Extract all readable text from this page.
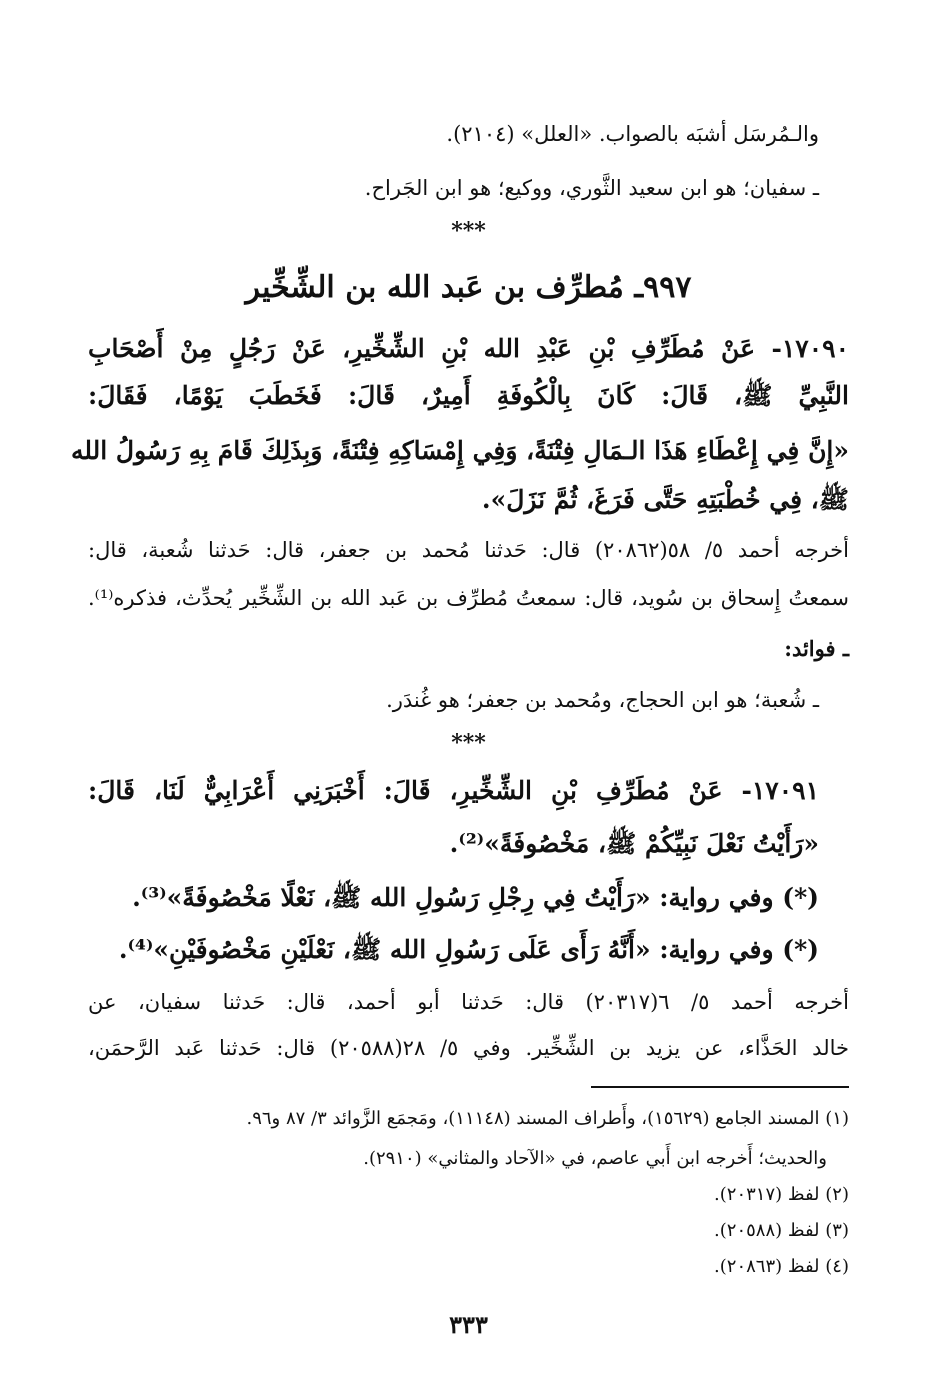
والـمُرسَل أشبَه بالصواب. «العلل» (٢١٠٤).
ـ سفيان؛ هو ابن سعيد الثَّوري، ووكيع؛ هو ابن الجَراح.
***
٩٩٧ـ مُطرِّف بن عَبد الله بن الشِّخِّير
١٧٠٩٠- عَنْ مُطَرِّفِ بْنِ عَبْدِ الله بْنِ الشِّخِّيرِ، عَنْ رَجُلٍ مِنْ أَصْحَابِ
النَّبِيِّ ﷺ، قَالَ: كَانَ بِالْكُوفَةِ أَمِيرٌ، قَالَ: فَخَطَبَ يَوْمًا، فَقَالَ:
«إِنَّ فِي إِعْطَاءِ هَذَا الـمَالِ فِتْنَةً، وَفِي إِمْسَاكِهِ فِتْنَةً، وَبِذَلِكَ قَامَ بِهِ رَسُولُ الله
ﷺ، فِي خُطْبَتِهِ حَتَّى فَرَغَ، ثُمَّ نَزَلَ».
أخرجه أحمد ٥/ ٥٨(٢٠٨٦٢) قال: حَدثنا مُحمد بن جعفر، قال: حَدثنا شُعبة، قال:
سمعتُ إِسحاق بن سُويد، قال: سمعتُ مُطرِّف بن عَبد الله بن الشِّخِّير يُحدِّث، فذكره⁽¹⁾.
ـ فوائد:
ـ شُعبة؛ هو ابن الحجاج، ومُحمد بن جعفر؛ هو غُندَر.
***
١٧٠٩١- عَنْ مُطَرِّفِ بْنِ الشِّخِّيرِ، قَالَ: أَخْبَرَنِي أَعْرَابِيٌّ لَنَا، قَالَ:
«رَأَيْتُ نَعْلَ نَبِيِّكُمْ ﷺ، مَخْصُوفَةً»⁽²⁾.
(*) وفي رواية: «رَأَيْتُ فِي رِجْلِ رَسُولِ الله ﷺ، نَعْلًا مَخْصُوفَةً»⁽³⁾.
(*) وفي رواية: «أَنَّهُ رَأَى عَلَى رَسُولِ الله ﷺ، نَعْلَيْنِ مَخْصُوفَيْنِ»⁽⁴⁾.
أخرجه أحمد ٥/ ٦(٢٠٣١٧) قال: حَدثنا أبو أحمد، قال: حَدثنا سفيان، عن
خالد الحَذَّاء، عن يزيد بن الشِّخِّير. وفي ٥/ ٢٨(٢٠٥٨٨) قال: حَدثنا عَبد الرَّحمَن،
(١) المسند الجامع (١٥٦٢٩)، وأَطراف المسند (١١١٤٨)، ومَجمَع الزَّوائد ٣/ ٨٧ و٩٦.
والحديث؛ أَخرجه ابن أَبي عاصم، في «الآحاد والمثاني» (٢٩١٠).
(٢) لفظ (٢٠٣١٧).
(٣) لفظ (٢٠٥٨٨).
(٤) لفظ (٢٠٨٦٣).
٣٣٣
